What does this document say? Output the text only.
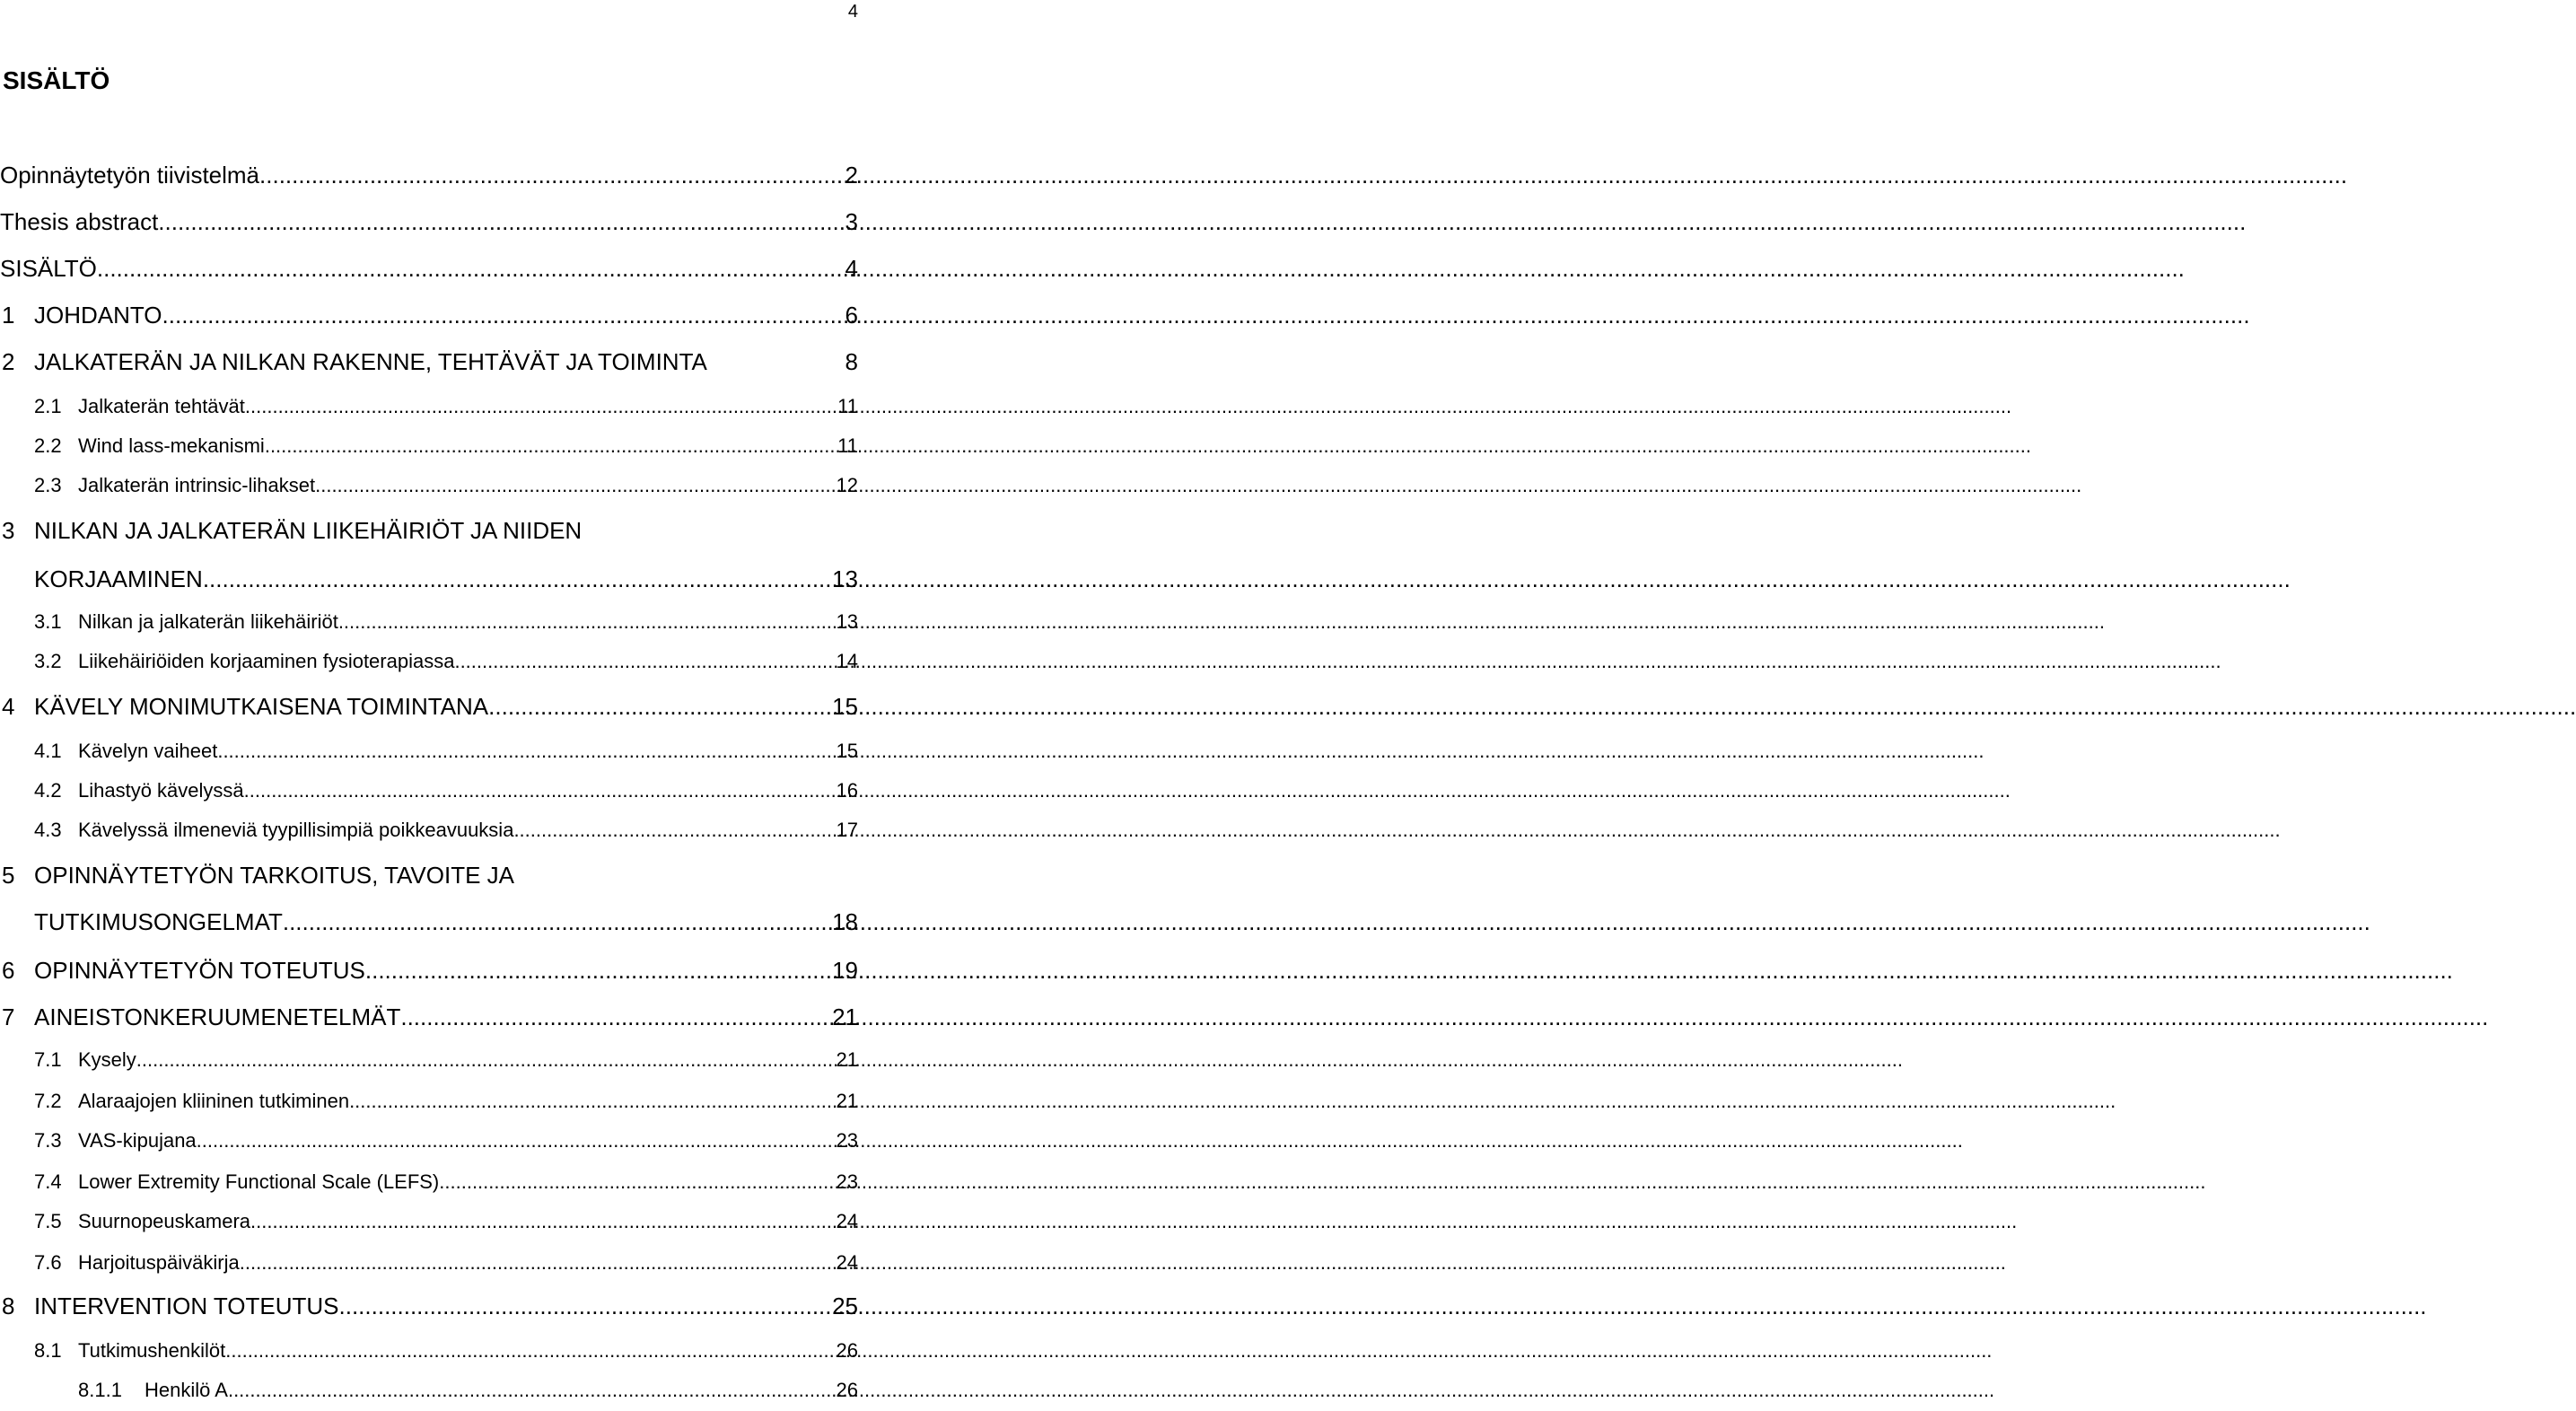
4
SISÄLTÖ
Opinnäytetyön tiivistelmä .....	2
Thesis abstract .....	3
SISÄLTÖ .....	4
1 JOHDANTO .....	6
2 JALKATERÄN JA NILKAN RAKENNE, TEHTÄVÄT JA TOIMINTA	8
2.1 Jalkaterän tehtävät .....	11
2.2 Wind lass-mekanismi .....	11
2.3 Jalkaterän intrinsic-lihakset .....	12
3 NILKAN JA JALKATERÄN LIIKEHÄIRIÖT JA NIIDEN
KORJAAMINEN .....	13
3.1 Nilkan ja jalkaterän liikehäiriöt .....	13
3.2 Liikehäiriöiden korjaaminen fysioterapiassa .....	14
4 KÄVELY MONIMUTKAISENA TOIMINTANA .....	15
4.1 Kävelyn vaiheet .....	15
4.2 Lihastyö kävelyssä .....	16
4.3 Kävelyssä ilmeneviä tyypillisimpiä poikkeavuuksia .....	17
5 OPINNÄYTETYÖN TARKOITUS, TAVOITE JA
TUTKIMUSONGELMAT .....	18
6 OPINNÄYTETYÖN TOTEUTUS .....	19
7 AINEISTONKERUUMENETELMÄT .....	21
7.1 Kysely .....	21
7.2 Alaraajojen kliininen tutkiminen .....	21
7.3 VAS-kipujana .....	23
7.4 Lower Extremity Functional Scale (LEFS) .....	23
7.5 Suurnopeuskamera .....	24
7.6 Harjoituspäiväkirja .....	24
8 INTERVENTION TOTEUTUS .....	25
8.1 Tutkimushenkilöt .....	26
8.1.1	Henkilö A .....	26
